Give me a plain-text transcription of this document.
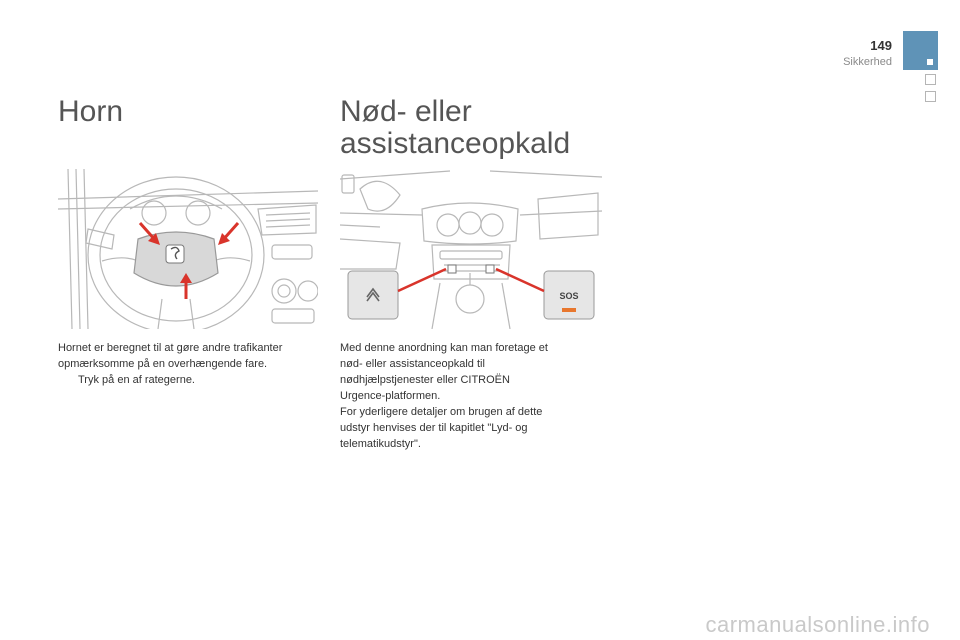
149
Sikkerhed
Horn

Hornet er beregnet til at gøre andre trafikanter opmærksomme på en overhængende fare.

Tryk på en af rategerne.
Nød- eller
assistanceopkald
SOS

Med denne anordning kan man foretage et

nød- eller assistanceopkald til

nødhjælpstjenester eller CITROËN

Urgence-platformen.

For yderligere detaljer om brugen af dette

udstyr henvises der til kapitlet "Lyd- og

telematikudstyr".

carmanualsonline.info
